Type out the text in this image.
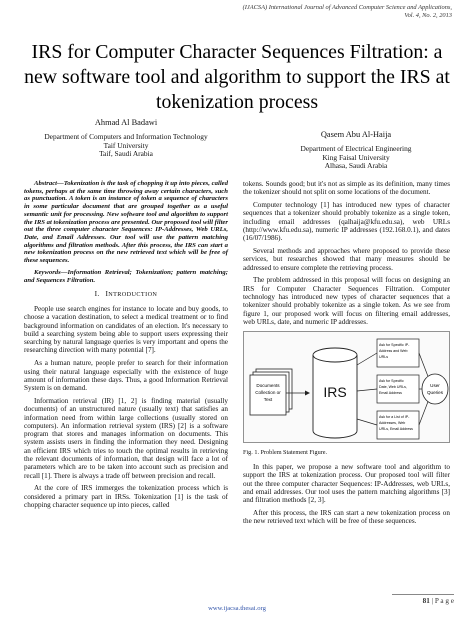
(IJACSA) International Journal of Advanced Computer Science and Applications,
Vol. 4, No. 2, 2013
IRS for Computer Character Sequences Filtration: a new software tool and algorithm to support the IRS at tokenization process
Ahmad Al Badawi
Department of Computers and Information Technology
Taif University
Taif, Saudi Arabia
Qasem Abu Al-Haija
Department of Electrical Engineering
King Faisal University
Alhasa, Saudi Arabia

Abstract—Tokenization is the task of chopping it up into pieces, called tokens, perhaps at the same time throwing away certain characters, such as punctuation. A token is an instance of token a sequence of characters in some particular document that are grouped together as a useful semantic unit for processing. New software tool and algorithm to support the IRS at tokenization process are presented. Our proposed tool will filter out the three computer character Sequences: IP-Addresses, Web URLs, Date, and Email Addresses. Our tool will use the pattern matching algorithms and filtration methods. After this process, the IRS can start a new tokenization process on the new retrieved text which will be free of these sequences.

Keywords—Information Retrieval; Tokenization; pattern matching; and Sequences Filtration.

I. INTRODUCTION

People use search engines for instance to locate and buy goods, to choose a vacation destination, to select a medical treatment or to find background information on candidates of an election. It's necessary to build a searching system being able to support users expressing their searching by natural language queries is very important and opens the researching direction with many potential [7].

As a human nature, people prefer to search for their information using their natural language especially with the existence of huge amount of information these days. Thus, a good Information Retrieval System is on demand.

Information retrieval (IR) [1, 2] is finding material (usually documents) of an unstructured nature (usually text) that satisfies an information need from within large collections (usually stored on computers). An information retrieval system (IRS) [2] is a software program that stores and manages information on documents. This system assists users in finding the information they need. Designing an efficient IRS which tries to touch the optimal results in retrieving the relevant documents of information, that design will face a lot of parameters which are to be taken into account such as precision and recall [1]. There is always a trade off between precision and recall.

At the core of IRS immerges the tokenization process which is considered a primary part in IRSs. Tokenization [1] is the task of chopping character sequence up into pieces, called

tokens. Sounds good; but it's not as simple as its definition, many times the tokenizer should not split on some locations of the document.

Computer technology [1] has introduced new types of character sequences that a tokenizer should probably tokenize as a single token, including email addresses (qalhaija@kfu.edu.sa), web URLs (http://www.kfu.edu.sa), numeric IP addresses (192.168.0.1), and dates (16/07/1986).

Several methods and approaches where proposed to provide these services, but researches showed that many measures should be addressed to ensure complete the retrieving process.

The problem addressed in this proposal will focus on designing an IRS for Computer Character Sequences Filtration. Computer technology has introduced new types of character sequences that a tokenizer should probably tokenize as a single token. As we see from figure 1, our proposed work will focus on filtering email addresses, web URLs, date, and numeric IP addresses.

Documents
Collection or
Text	IRS
Ask for Specific IP-
Address and Web
URLs
Ask for Specific
Date, Web URLs,
Email Address
Ask for a List of IP-
Addresses, Web
URLs, Email Address
User
Queries
Fig. 1. Problem Statement Figure.

In this paper, we propose a new software tool and algorithm to support the IRS at tokenization process. Our proposed tool will filter out the three computer character Sequences: IP-Addresses, web URLs, and email addresses. Our tool uses the pattern matching algorithms [3] and filtration methods [2, 3].

After this process, the IRS can start a new tokenization process on the new retrieved text which will be free of these sequences.

81 | P a g e
www.ijacsa.thesai.org
